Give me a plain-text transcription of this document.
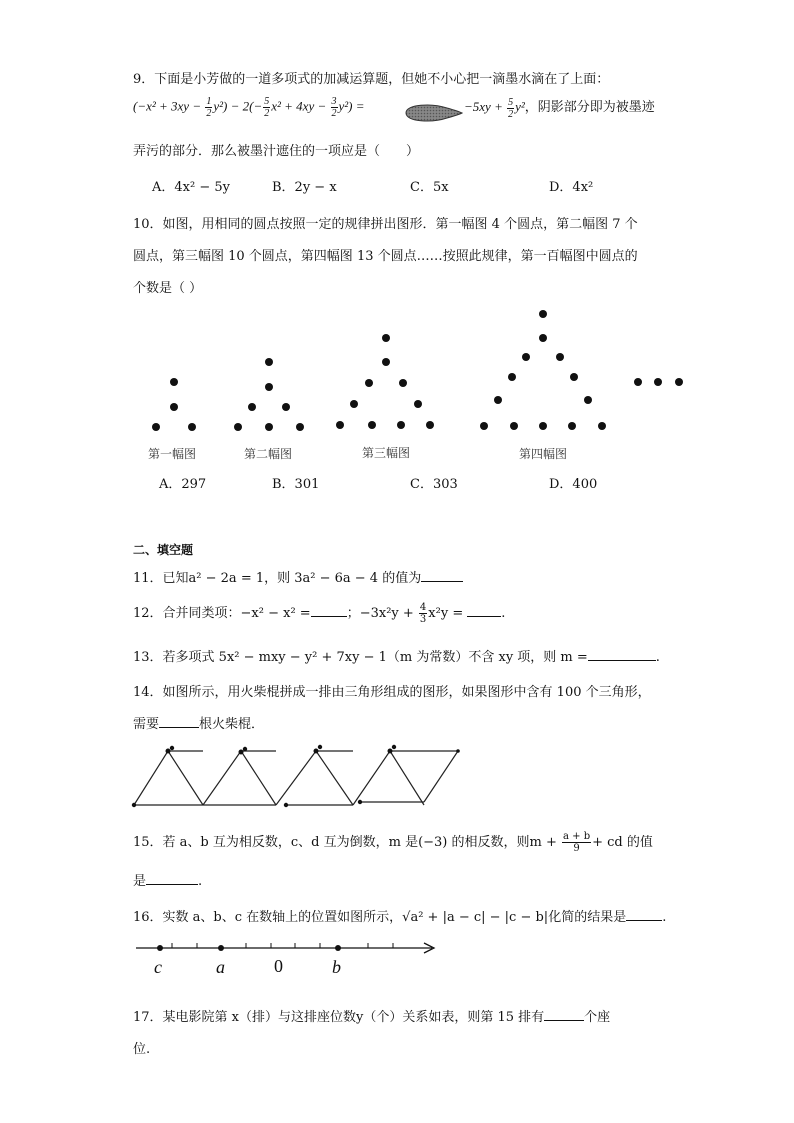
9．下面是小芳做的一道多项式的加减运算题，但她不小心把一滴墨水滴在了上面：
$(-x^2 + 3xy - \frac{1}{2} y^2) - 2(- \frac{5}{2} x^2 + 4xy - \frac{3}{2} y^2)$ =	$-5xy + \frac{5}{2} y^2$，阴影部分即为被墨迹
弄污的部分．那么被墨汁遮住的一项应是（　　）
A．4x² − 5y	B．2y − x	C．5x	D．4x²
10．如图，用相同的圆点按照一定的规律拼出图形．第一幅图 4 个圆点，第二幅图 7 个
圆点，第三幅图 10 个圆点，第四幅图 13 个圆点……按照此规律，第一百幅图中圆点的
个数是（ ）
第一幅图	第二幅图	第三幅图	第四幅图
A．297	B．301	C．303	D．400
二、填空题
11．已知a² − 2a = 1，则 3a² − 6a − 4 的值为
12．合并同类项：−x² − x² =	；$-3x^2y + \frac{4}{3} x^2y$ =	.
13．若多项式 5x² − mxy − y² + 7xy − 1（m 为常数）不含 xy 项，则 m =	.
14．如图所示，用火柴棍拼成一排由三角形组成的图形，如果图形中含有 100 个三角形，
需要	根火柴棍．
15．若 a、b 互为相反数，c、d 互为倒数，m 是(−3) 的相反数，则$m + \frac{a + b}{9}$ + cd 的值
是	.
16．实数 a、b、c 在数轴上的位置如图所示，√a² + |a − c| − |c − b|化简的结果是	.
c	a	0	b
17．某电影院第 x（排）与这排座位数y（个）关系如表，则第 15 排有	个座
位.
